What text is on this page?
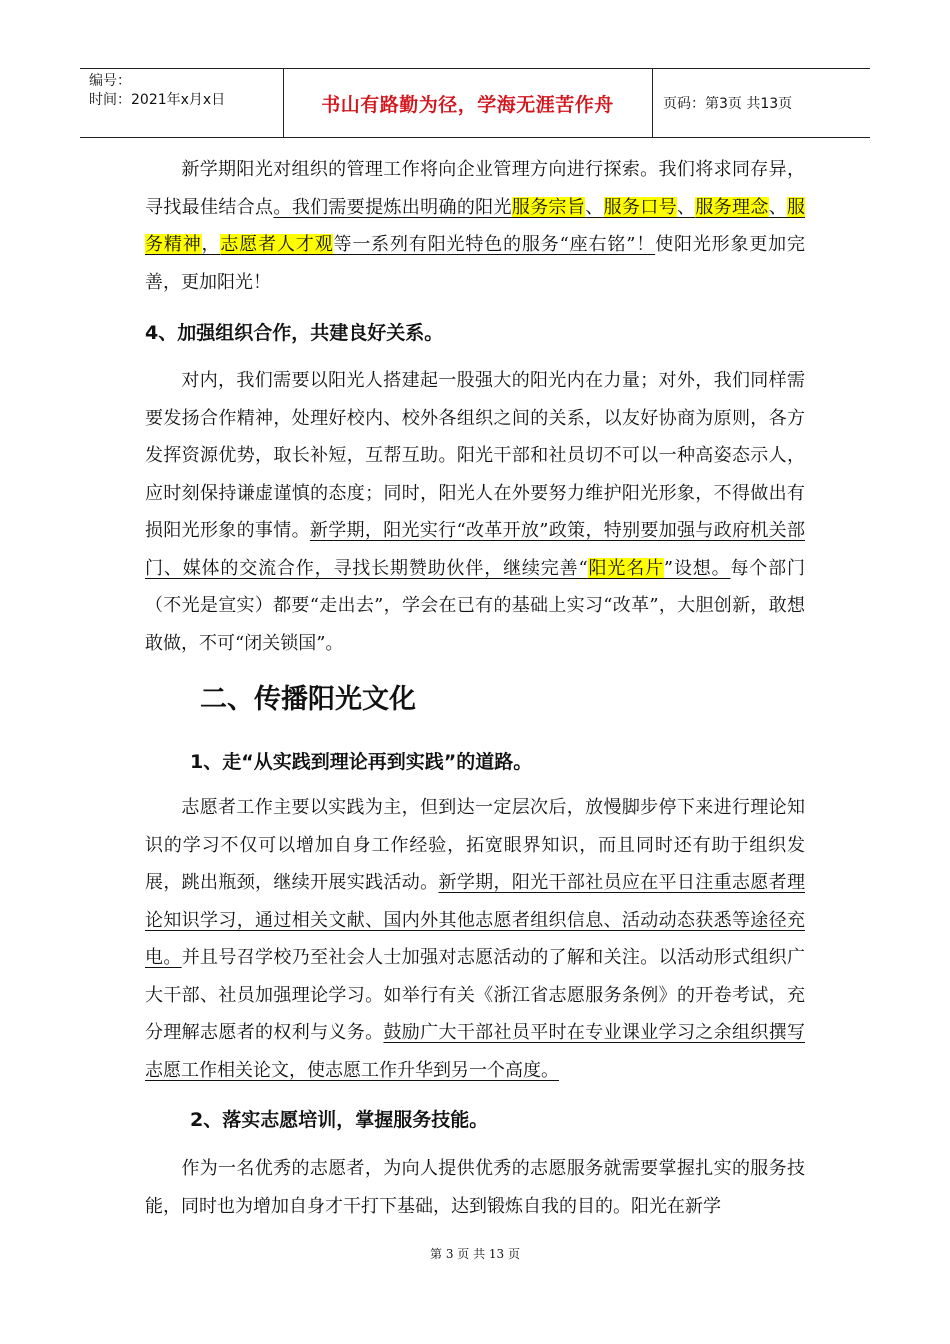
编号：
时间：2021年x月x日	书山有路勤为径，学海无涯苦作舟	页码：第3页 共13页

新学期阳光对组织的管理工作将向企业管理方向进行探索。我们将求同存异，寻找最佳结合点。我们需要提炼出明确的阳光服务宗旨、服务口号、服务理念、服务精神，志愿者人才观等一系列有阳光特色的服务“座右铭”！使阳光形象更加完善，更加阳光！

4、加强组织合作，共建良好关系。

对内，我们需要以阳光人搭建起一股强大的阳光内在力量；对外，我们同样需要发扬合作精神，处理好校内、校外各组织之间的关系，以友好协商为原则，各方发挥资源优势，取长补短，互帮互助。阳光干部和社员切不可以一种高姿态示人，应时刻保持谦虚谨慎的态度；同时，阳光人在外要努力维护阳光形象，不得做出有损阳光形象的事情。新学期，阳光实行“改革开放”政策，特别要加强与政府机关部门、媒体的交流合作，寻找长期赞助伙伴，继续完善“阳光名片”设想。每个部门（不光是宣实）都要“走出去”，学会在已有的基础上实习“改革”，大胆创新，敢想敢做，不可“闭关锁国”。

二、传播阳光文化
1、走“从实践到理论再到实践”的道路。

志愿者工作主要以实践为主，但到达一定层次后，放慢脚步停下来进行理论知识的学习不仅可以增加自身工作经验，拓宽眼界知识，而且同时还有助于组织发展，跳出瓶颈，继续开展实践活动。新学期，阳光干部社员应在平日注重志愿者理论知识学习，通过相关文献、国内外其他志愿者组织信息、活动动态获悉等途径充电。并且号召学校乃至社会人士加强对志愿活动的了解和关注。以活动形式组织广大干部、社员加强理论学习。如举行有关《浙江省志愿服务条例》的开卷考试，充分理解志愿者的权利与义务。鼓励广大干部社员平时在专业课业学习之余组织撰写志愿工作相关论文，使志愿工作升华到另一个高度。

2、落实志愿培训，掌握服务技能。

作为一名优秀的志愿者，为向人提供优秀的志愿服务就需要掌握扎实的服务技能，同时也为增加自身才干打下基础，达到锻炼自我的目的。阳光在新学

第 3 页 共 13 页
